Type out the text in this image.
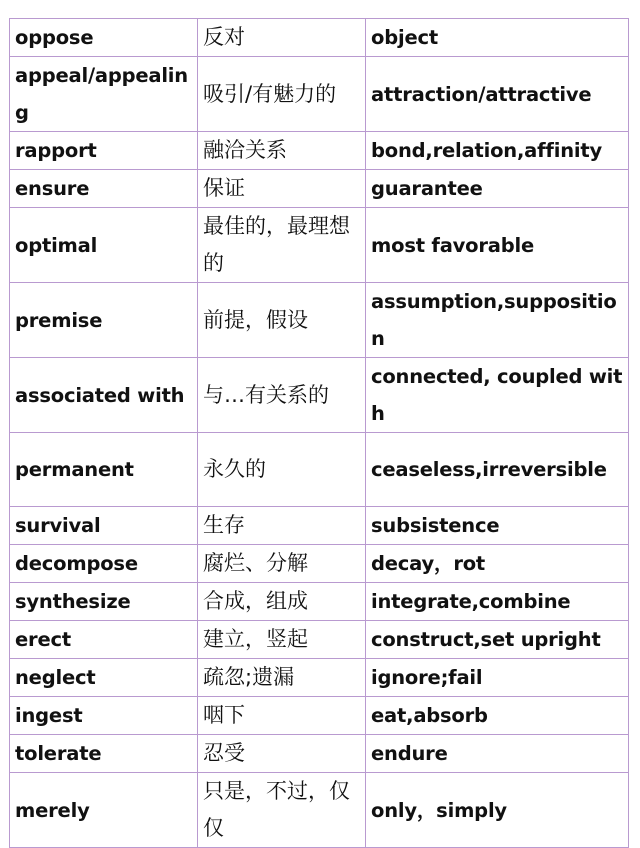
oppose	反对	object
appeal/appealing	吸引/有魅力的	attraction/attractive
rapport	融洽关系	bond,relation,affinity
ensure	保证	guarantee
optimal	最佳的，最理想的	most favorable
premise	前提，假设	assumption,supposition
associated with	与…有关系的	connected, coupled with
permanent	永久的	ceaseless,irreversible
survival	生存	subsistence
decompose	腐烂、分解	decay，rot
synthesize	合成，组成	integrate,combine
erect	建立，竖起	construct,set upright
neglect	疏忽;遗漏	ignore;fail
ingest	咽下	eat,absorb
tolerate	忍受	endure
merely	只是，不过，仅仅	only，simply
